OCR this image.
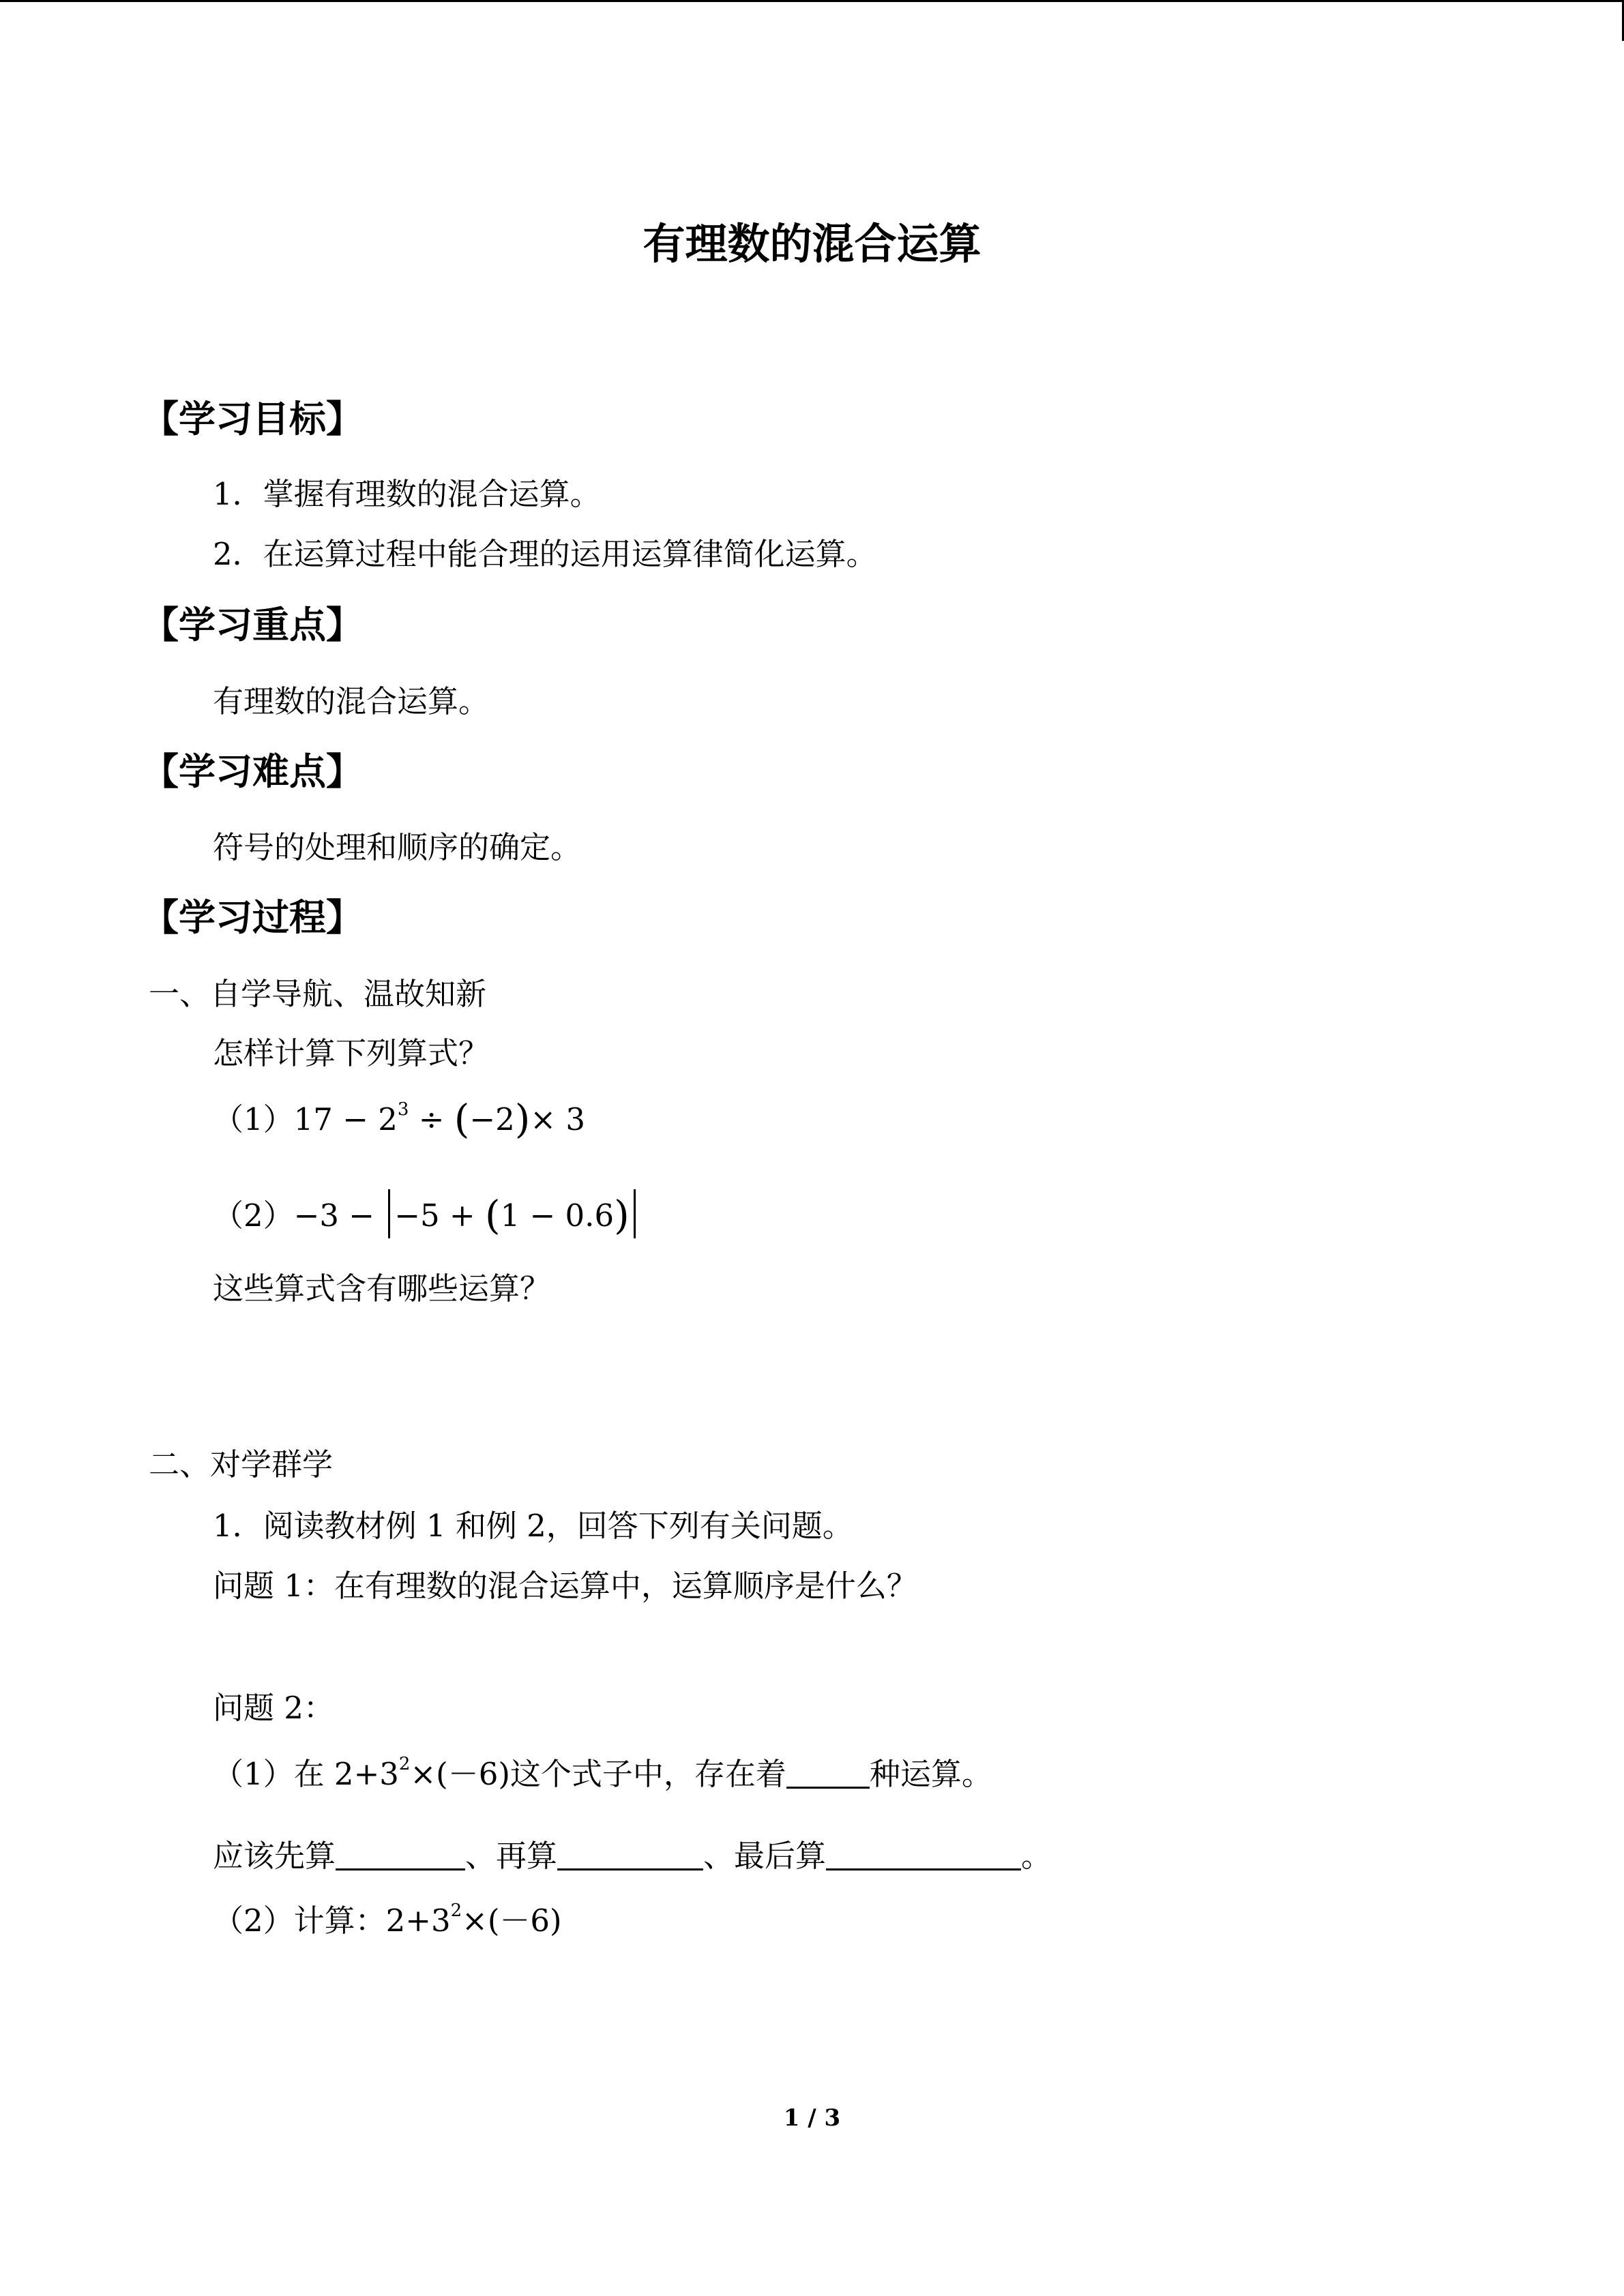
有理数的混合运算
【学习目标】
1．掌握有理数的混合运算。
2．在运算过程中能合理的运用运算律简化运算。
【学习重点】
有理数的混合运算。
【学习难点】
符号的处理和顺序的确定。
【学习过程】
一、自学导航、温故知新
怎样计算下列算式？
$(1)17 - 2^3 \div (-2)\times 3$
（2）−3 − −5 + (1 − 0.6)
这些算式含有哪些运算？
二、对学群学
1．阅读教材例 1 和例 2，回答下列有关问题。
问题 1：在有理数的混合运算中，运算顺序是什么？
问题 2：
（1）在 $2+3^2\times(-6)$这个式子中，存在着	种运算。
应该先算	、再算	、最后算	。
（2）计算：$2+3^2\times(-6)$
1 / 3
